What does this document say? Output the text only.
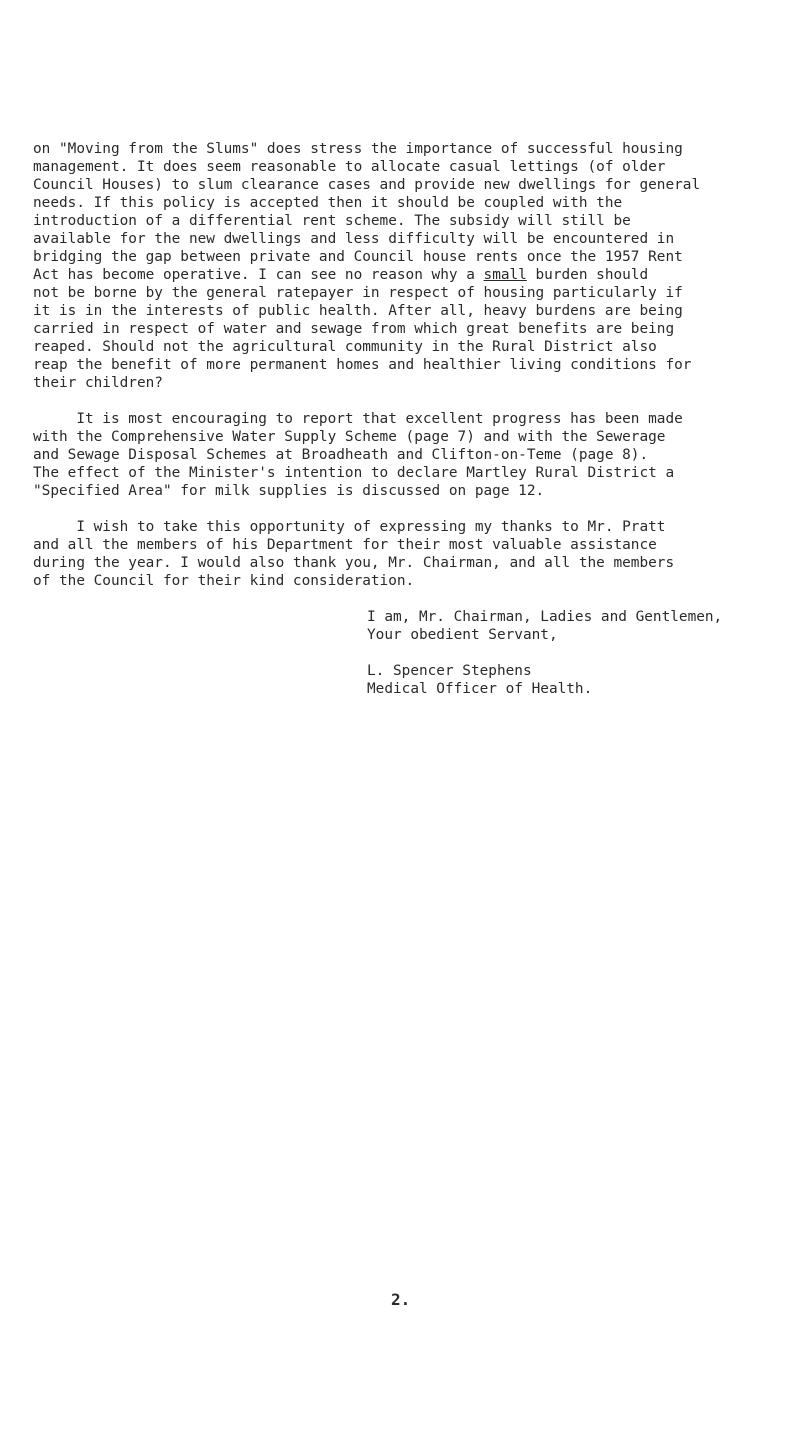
on "Moving from the Slums" does stress the importance of successful housing
management. It does seem reasonable to allocate casual lettings (of older
Council Houses) to slum clearance cases and provide new dwellings for general
needs. If this policy is accepted then it should be coupled with the
introduction of a differential rent scheme. The subsidy will still be
available for the new dwellings and less difficulty will be encountered in
bridging the gap between private and Council house rents once the 1957 Rent
Act has become operative. I can see no reason why a small burden should
not be borne by the general ratepayer in respect of housing particularly if
it is in the interests of public health. After all, heavy burdens are being
carried in respect of water and sewage from which great benefits are being
reaped. Should not the agricultural community in the Rural District also
reap the benefit of more permanent homes and healthier living conditions for
their children?
It is most encouraging to report that excellent progress has been made
with the Comprehensive Water Supply Scheme (page 7) and with the Sewerage
and Sewage Disposal Schemes at Broadheath and Clifton-on-Teme (page 8).
The effect of the Minister's intention to declare Martley Rural District a
"Specified Area" for milk supplies is discussed on page 12.
I wish to take this opportunity of expressing my thanks to Mr. Pratt
and all the members of his Department for their most valuable assistance
during the year. I would also thank you, Mr. Chairman, and all the members
of the Council for their kind consideration.
I am, Mr. Chairman, Ladies and Gentlemen,
Your obedient Servant,
L. Spencer Stephens
Medical Officer of Health.
2.
